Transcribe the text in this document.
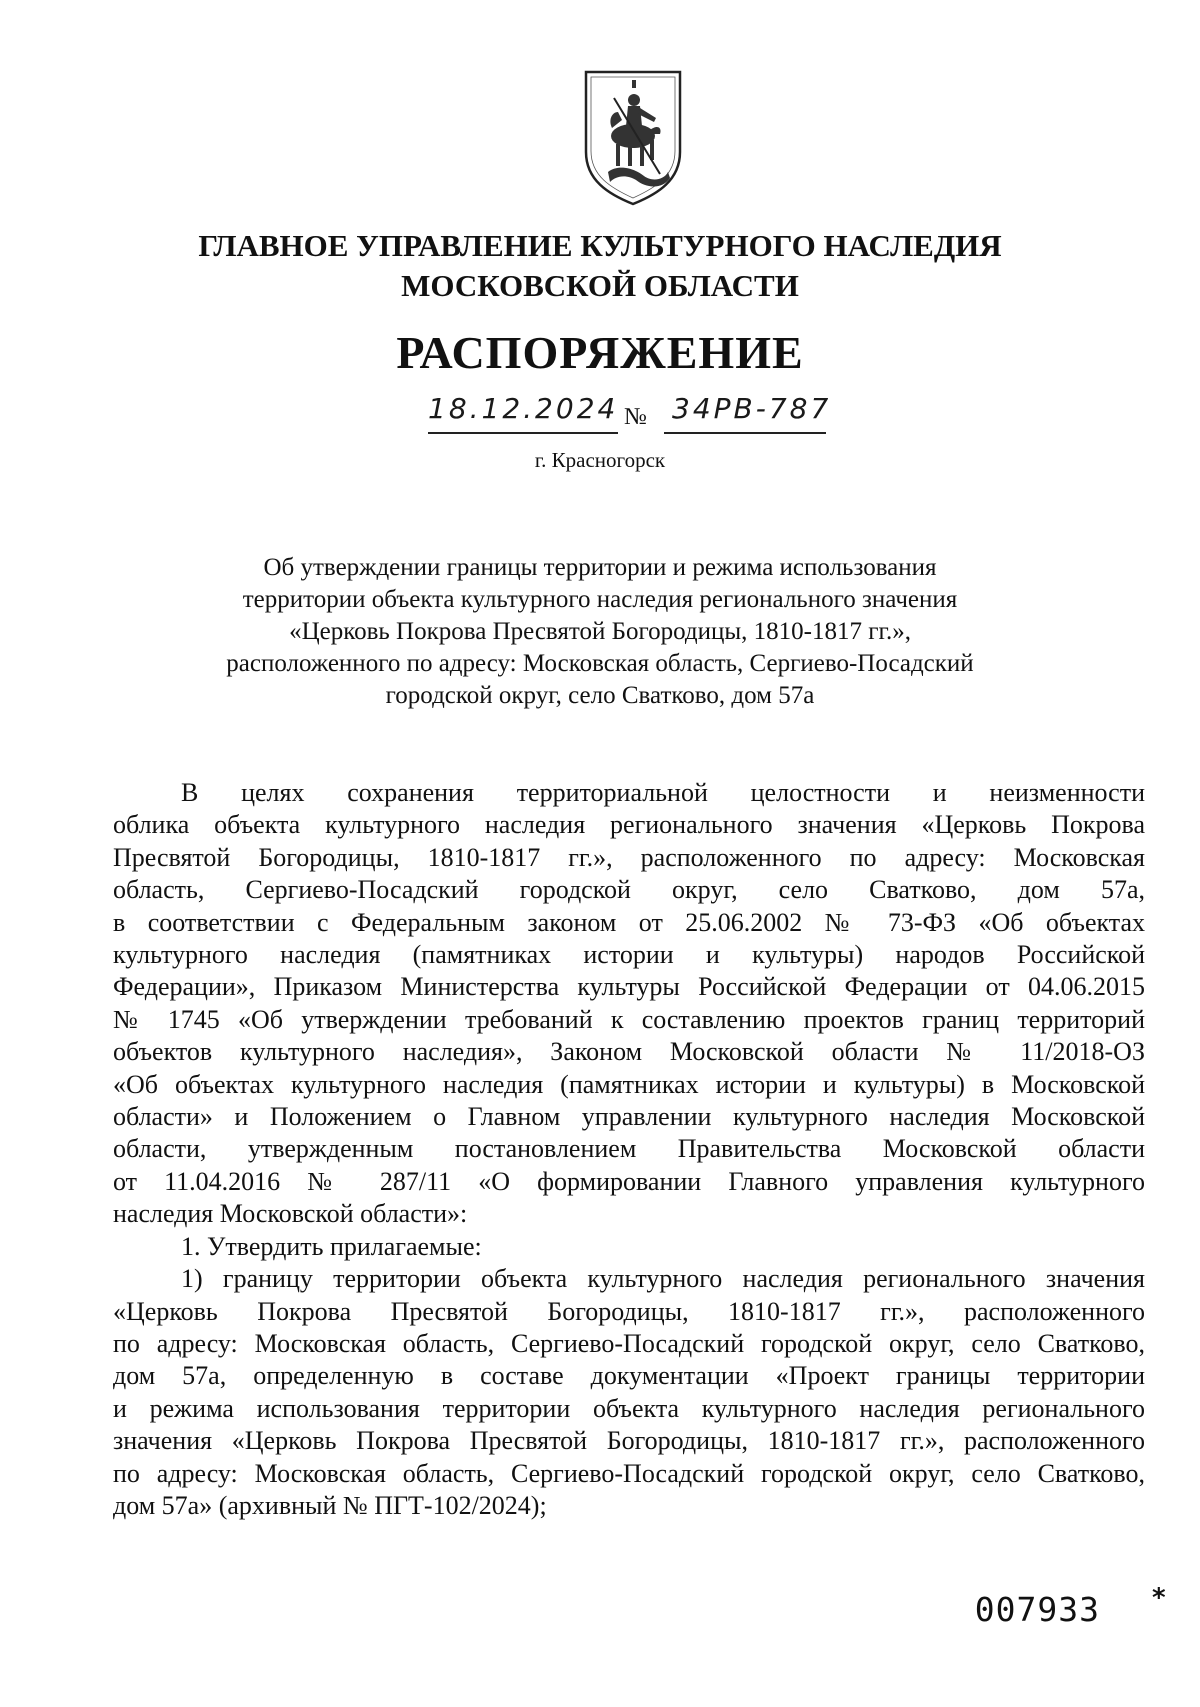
ГЛАВНОЕ УПРАВЛЕНИЕ КУЛЬТУРНОГО НАСЛЕДИЯ
МОСКОВСКОЙ ОБЛАСТИ
РАСПОРЯЖЕНИЕ
18.12.2024 № 34РВ-787
г. Красногорск
Об утверждении границы территории и режима использования
территории объекта культурного наследия регионального значения
«Церковь Покрова Пресвятой Богородицы, 1810-1817 гг.»,
расположенного по адресу: Московская область, Сергиево-Посадский
городской округ, село Сватково, дом 57а
В целях сохранения территориальной целостности и неизменности
облика объекта культурного наследия регионального значения «Церковь Покрова
Пресвятой Богородицы, 1810-1817 гг.», расположенного по адресу: Московская
область, Сергиево-Посадский городской округ, село Сватково, дом 57а,
в соответствии с Федеральным законом от 25.06.2002 № 73-ФЗ «Об объектах
культурного наследия (памятниках истории и культуры) народов Российской
Федерации», Приказом Министерства культуры Российской Федерации от 04.06.2015
№ 1745 «Об утверждении требований к составлению проектов границ территорий
объектов культурного наследия», Законом Московской области № 11/2018-ОЗ
«Об объектах культурного наследия (памятниках истории и культуры) в Московской
области» и Положением о Главном управлении культурного наследия Московской
области, утвержденным постановлением Правительства Московской области
от 11.04.2016 № 287/11 «О формировании Главного управления культурного
наследия Московской области»:
1. Утвердить прилагаемые:
1) границу территории объекта культурного наследия регионального значения
«Церковь Покрова Пресвятой Богородицы, 1810-1817 гг.», расположенного
по адресу: Московская область, Сергиево-Посадский городской округ, село Сватково,
дом 57а, определенную в составе документации «Проект границы территории
и режима использования территории объекта культурного наследия регионального
значения «Церковь Покрова Пресвятой Богородицы, 1810-1817 гг.», расположенного
по адресу: Московская область, Сергиево-Посадский городской округ, село Сватково,
дом 57а» (архивный № ПГТ-102/2024);
007933 *
